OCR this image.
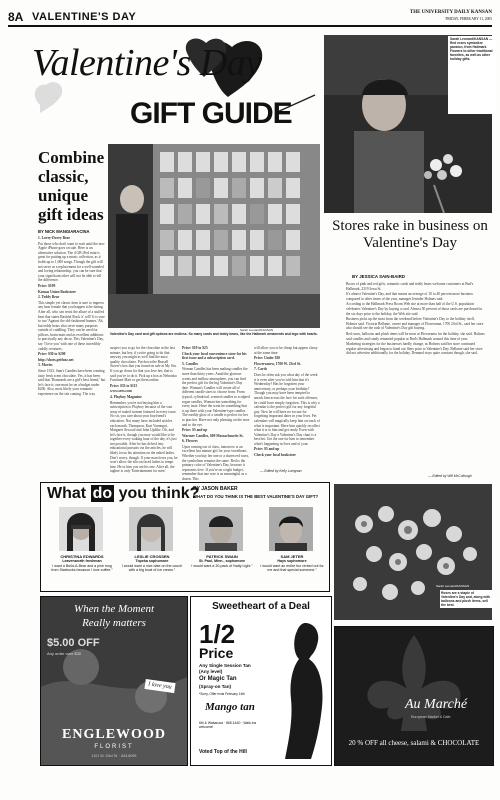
8A VALENTINE'S DAY	THE UNIVERSITY DAILY KANSAN
FRIDAY, FEBRUARY 11, 2005
Valentine's Day
GIFT GUIDE
Combine classic, unique gift ideas
BY NICK MANGIARACINA
Sarah Leonard/KANSAN
Valentine's Day card and gift options are endless. So many cards and teddy bears, like the Hallmark ornaments and lego with hearts.

1. Lovey-Dovey Bear

Put those who don't want to wait until the new Apple iPhone goes on sale. Here is an alternative solution. The 4 GB iPod mini is great for putting up a music collection, as it holds up to 1,000 songs. Though the gift will not serve as a replacement for a well-rounded and loving relationship, you can be sure that your significant other will not be able to tell the difference.

Price: $199

Kansas Union Bookstore

2. Teddy Bear

This simple yet classic item is sure to impress any bear female that you happen to be dating. After all, who can resist the allure of a stuffed bear that states Bashful Rock 'n' roll? It is sure to cue 'Against the old-fashioned banner.' Ah, but teddy bears also serve many purposes outside of cuddling. They can be used for pillows, brain mats and as excellent additions to practically any decor. This Valentine's Day, say 'I love you' with one of these incredibly cuddly creatures.

Price: $30 to $200

http://shoes.petfuzz.net

3. Movies

Since 1923, Sam's Candies have been creating tasty fresh scent chocolate. Yes, it has been said that 'Diamonds are a girl's best friend,' but let's face it: one must be on a budget under $200. Also, most likely your romantic experience on the site coming. The way

suspect you to go for the chocolate at the last minute, but hey, if you're going to do that anyway you might as well find the most quality chocolates. Put down the Russell Stover's box that you found on sale at My Sin. If you go down for that you love her, that is said you've to do it. Pick up a box at Nebraska Furniture Mart or get them online.

Price: $33 to $115

www.sees.com

4. Playboy Magazine

Remember, you're not buying him a subscription to Playboy because of the vast array of naked women featured in every issue. No sir, you care about your boyfriend's education. Not many have included articles each month. Thompson, Kurt Vonnegut, Margaret Atwood and John Updike. Oh, and let's face it, though you may would like to be together every waking hour of the day, it's just not possible. After he has delved into educational pursuits via the articles, he will likely focus his attention on the naked ladies. Don't worry, though. If your man loves you, he won't allow the silicon faced ladies to tempt him. He or him you are his one. After all, the tagline is only 'Entertainment for men.'

Price: $19 to $25

Check your local convenience store for his first issue and a subscription card.

5. Candles

Woman Candles has been making candles the more than thirty years. Amid the glorious scents and mellow atmosphere, you can find the perfect gift for the big Valentine's Day date. Woman's Candles will create all of different candle sizes to choose from. From typical, cylindrical, scented candles to sculpted rogue candles, Woman has something for every taste. Have the scent be something that is up there with your Valentine-type candles. The earthly glow of a candle is perfect for her to practice. Have not only pleasing on the nose and to the eye.

Price: $5 and up

Warmer Candles, 609 Massachusetts St.

6. Flowers

Upon coming out of class, tomorrow is an excellent last minute gift for your sweetheart. Whether you buy her one or a dozen red roses, the symbolism remains the same. Red is the primary color of Valentine's Day, because it represents love. If you're on a tight budget, remember that one rose is as meaningful as a dozen. This

will allow you to be cheap but appear classy at the same time.

Price: Under $20

Flowersanew, 1700 W. 23rd St.

7. Cards

Does he often ask you what day of the week it is even after you've told him that it's Wednesday? Has he forgotten your anniversary, or perhaps your birthday? Though you may have been tempted to smack him across the face for such offenses, he could have simply forgotten. This is why a calendar is the perfect gift for any forgetful guy. Now he will have no excuse for forgetting important dates in your lives. Pet calendars will magically keep him on track of what is important. Have him quickly recollect what it is to him and get ready. Even with Valentine's Day a Valentine's Day chart is a best bet. Get the one for him to remember what's happening in lives and of your.

Price: $5 and up

Check your local bookstore

— Edited by Kelly Lucignan
Sarah Leonard/KANSAN — Red roses symbolize passion, from Hallmark Flowers to other traditional favorites, as well as other holiday gifts.
Stores rake in business on Valentine's Day
BY JESSICA SAIN-BAIRD

Boxes of pink and red gifts, romantic cards and teddy bears welcome customers at Bud's Hallmark, 2319 Iowa St.

It's almost Valentine's Day, and that means an average of 10 to 40 percent more business compared to other times of the year, manager Jennifer Holmes said.

According to the Hallmark Press Room Web site at more than half of the U.S. population celebrates Valentine's Day by buying a card. Almost 50 percent of those cards are purchased in the six days prior to the holiday, the Web site said.

Business picks up the most from the weekend before Valentine's Day to the holiday itself, Holmes said. Victoria Bellante, owner and manager of Flowerama, 1700 23rd St., said her store also should see the rush of Valentine's Day gift buying.

Red roses, balloons and plush items will be most at Flowerama for the holiday, she said. Holmes said candles and candy remained popular at Bud's Hallmark around this time of year.

Marketing strategies for the businesses hardly change, as Holmes said her store continued regular advertising and began to hand out fliers prior to Valentine's Day. Bellante said her store did not advertise additionally for the holiday. Demand stays quite constant though, she said.

— Edited by Will McCullough
What do you think?
BY JASON BAKER
WHAT DO YOU THINK IS THE BEST VALENTINE'S DAY GIFT?
CHRISTINA EDWARDS
Leavenworth freshman
I want a Build-A-Bear and a pink mug from Starbucks because I love coffee."
LESLIE CROSSEN
Topeka sophomore
I would want a nice date on the couch with a big bowl of ice cream."
PATRICK SWAIN
St. Paul, Minn., sophomore
I would want a 30-pack of Natty Light."
SAM JETER
Hays sophomore
I would want an entire fun rented out for me and that special someone."
Sarah Leonard/KANSAN
Roses are a staple of Valentine's Day and, along with balloons and plush items, sell the best.
When the Moment
Really matters
$5.00 OFF
Any order over $30
I love you
ENGLEWOOD
FLORIST
1101 W. 23rd St. · 843-8099
Sweetheart of a Deal
1/2
Price
Any Single Session Tan
(Any level)
Or Magic Tan
(Spray-on Tan)
*Sorry, Offer ends February 14th
Mango tan
6th & Wakarusa · 865-1640 · Walk-ins welcome!
Voted Top of the Hill
Au Marché
European Market & Cafe
20 % OFF all cheese, salami & CHOCOLATE
